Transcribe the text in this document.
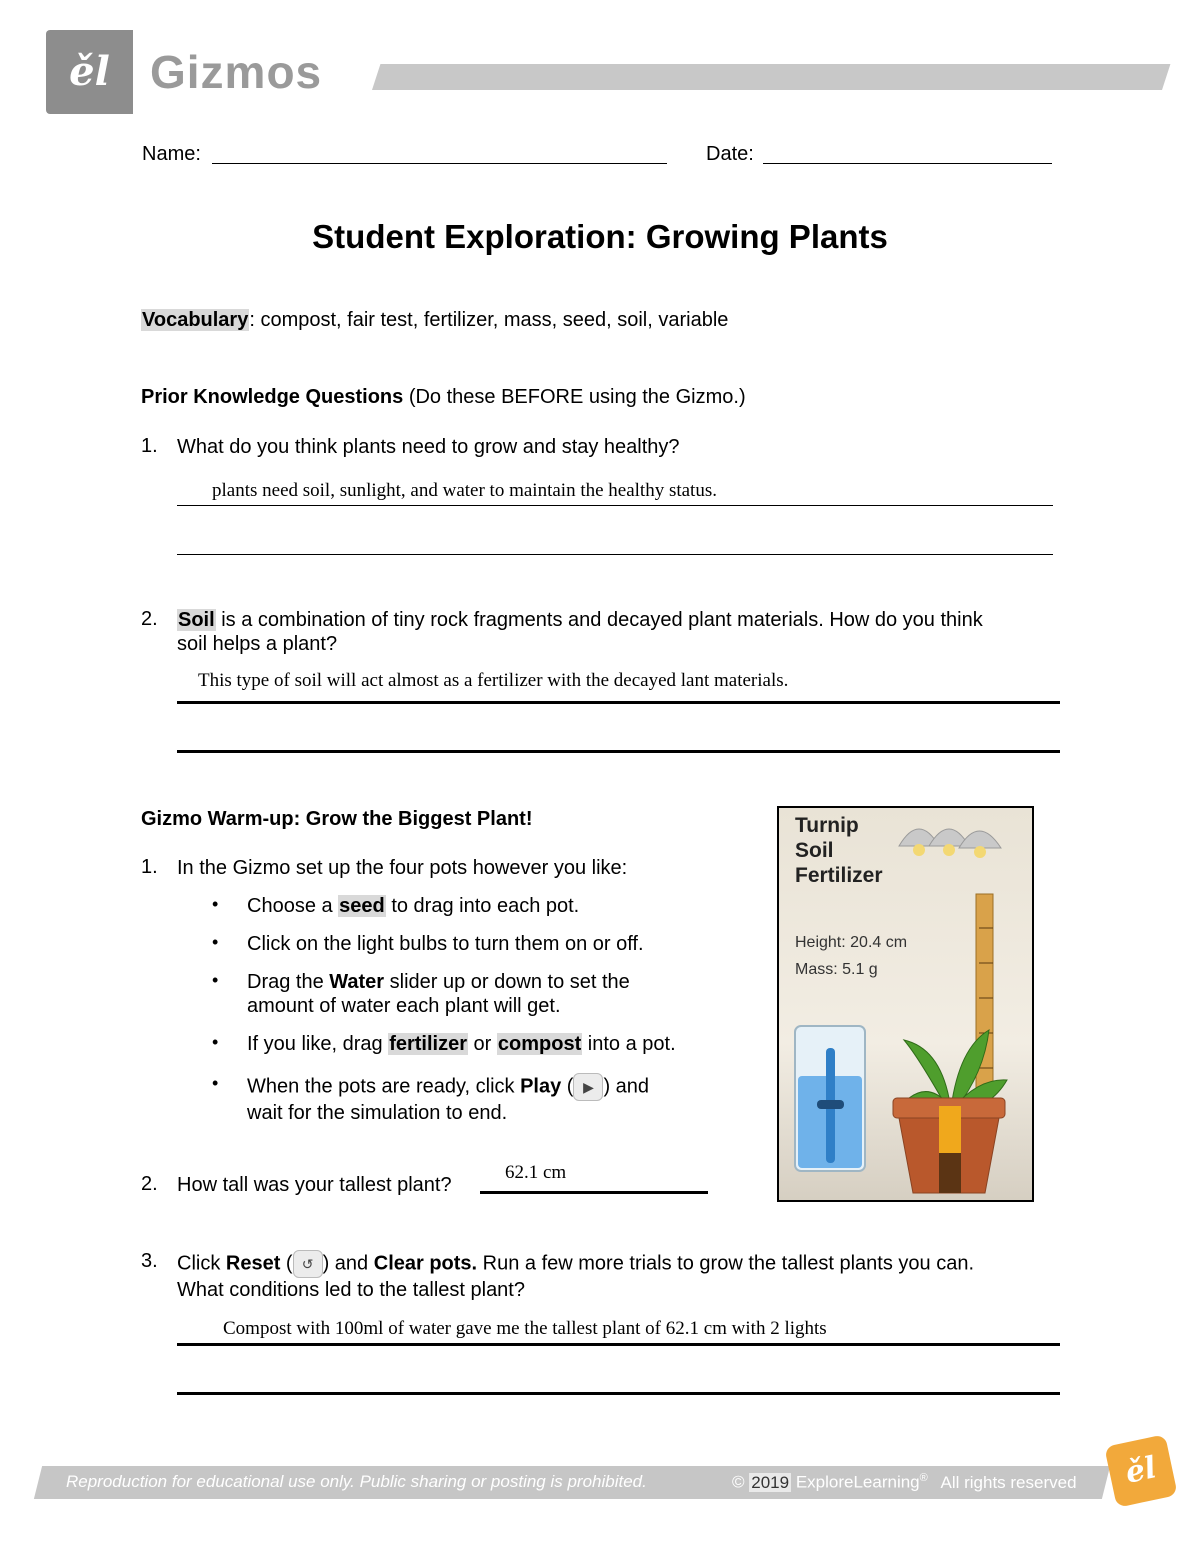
ěl Gizmos
Name:	Date:
Student Exploration: Growing Plants
Vocabulary: compost, fair test, fertilizer, mass, seed, soil, variable
Prior Knowledge Questions (Do these BEFORE using the Gizmo.)
1. What do you think plants need to grow and stay healthy?
plants need soil, sunlight, and water to maintain the healthy status.
2. Soil is a combination of tiny rock fragments and decayed plant materials. How do you think
soil helps a plant?
This type of soil will act almost as a fertilizer with the decayed lant materials.
Gizmo Warm-up: Grow the Biggest Plant!
1. In the Gizmo set up the four pots however you like:
• Choose a seed to drag into each pot.
• Click on the light bulbs to turn them on or off.
• Drag the Water slider up or down to set the
amount of water each plant will get.
• If you like, drag fertilizer or compost into a pot.
• When the pots are ready, click Play ( ▶ ) and
wait for the simulation to end.
2. How tall was your tallest plant?
62.1 cm
3. Click Reset ( ↺ ) and Clear pots. Run a few more trials to grow the tallest plants you can.
What conditions led to the tallest plant?
Compost with 100ml of water gave me the tallest plant of 62.1 cm with 2 lights
Turnip
Soil
Fertilizer
Height: 20.4 cm
Mass: 5.1 g
Reproduction for educational use only. Public sharing or posting is prohibited.	© 2019 ExploreLearning® All rights reserved	ěl
